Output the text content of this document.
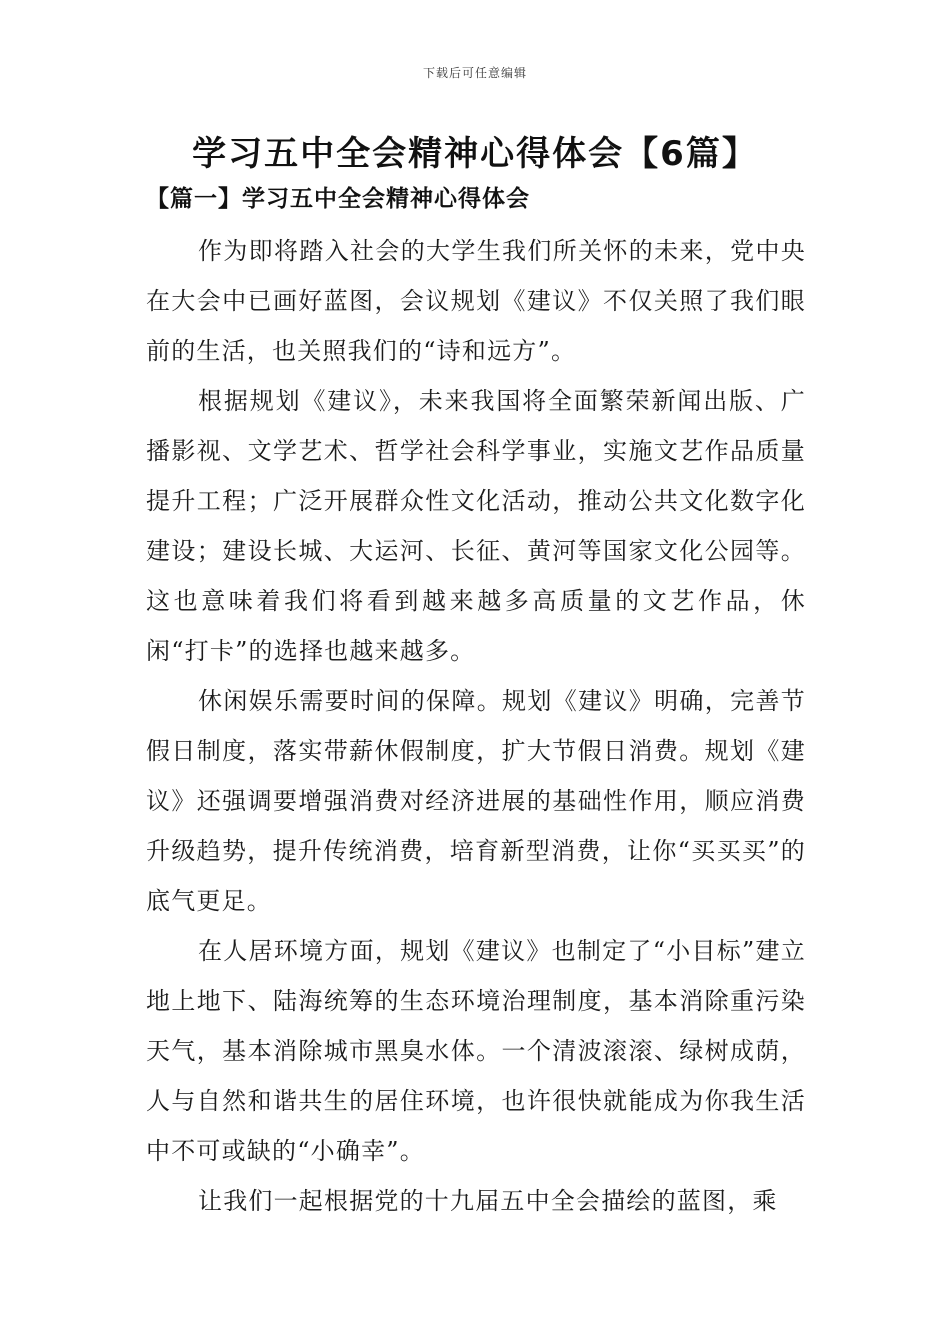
下载后可任意编辑
学习五中全会精神心得体会【6篇】
【篇一】学习五中全会精神心得体会

作为即将踏入社会的大学生我们所关怀的未来，党中央在大会中已画好蓝图，会议规划《建议》不仅关照了我们眼前的生活，也关照我们的“诗和远方”。

根据规划《建议》，未来我国将全面繁荣新闻出版、广播影视、文学艺术、哲学社会科学事业，实施文艺作品质量提升工程；广泛开展群众性文化活动，推动公共文化数字化建设；建设长城、大运河、长征、黄河等国家文化公园等。这也意味着我们将看到越来越多高质量的文艺作品，休闲“打卡”的选择也越来越多。

休闲娱乐需要时间的保障。规划《建议》明确，完善节假日制度，落实带薪休假制度，扩大节假日消费。规划《建议》还强调要增强消费对经济进展的基础性作用，顺应消费升级趋势，提升传统消费，培育新型消费，让你“买买买”的底气更足。

在人居环境方面，规划《建议》也制定了“小目标”建立地上地下、陆海统筹的生态环境治理制度，基本消除重污染天气，基本消除城市黑臭水体。一个清波滚滚、绿树成荫，人与自然和谐共生的居住环境，也许很快就能成为你我生活中不可或缺的“小确幸”。

让我们一起根据党的十九届五中全会描绘的蓝图，乘
